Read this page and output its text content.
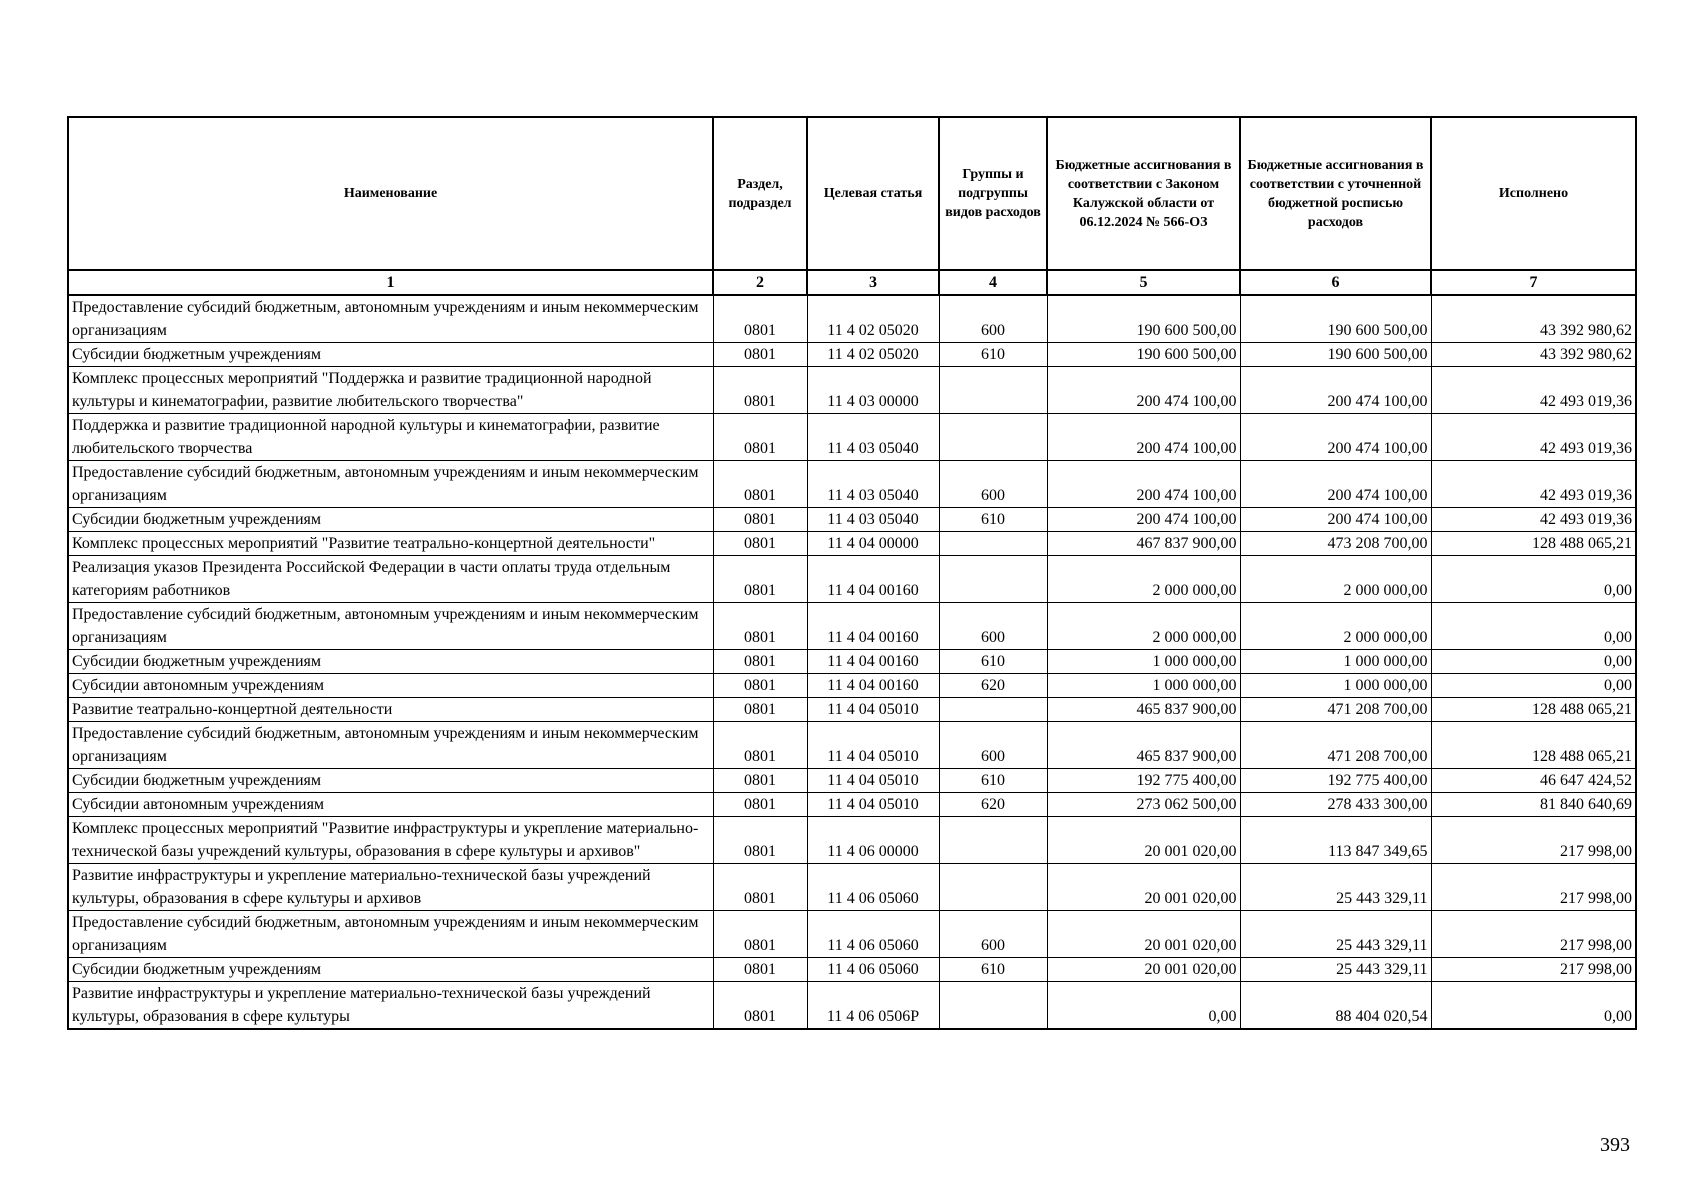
Наименование	Раздел, подраздел	Целевая статья	Группы и подгруппы видов расходов	Бюджетные ассигнования в соответствии с Законом Калужской области от 06.12.2024 № 566-ОЗ	Бюджетные ассигнования в соответствии с уточненной бюджетной росписью расходов	Исполнено
1	2	3	4	5	6	7
Предоставление субсидий бюджетным, автономным учреждениям и иным некоммерческим организациям	0801	11 4 02 05020	600	190 600 500,00	190 600 500,00	43 392 980,62
Субсидии бюджетным учреждениям	0801	11 4 02 05020	610	190 600 500,00	190 600 500,00	43 392 980,62
Комплекс процессных мероприятий "Поддержка и развитие традиционной народной культуры и кинематографии, развитие любительского творчества"	0801	11 4 03 00000		200 474 100,00	200 474 100,00	42 493 019,36
Поддержка и развитие традиционной народной культуры и кинематографии, развитие любительского творчества	0801	11 4 03 05040		200 474 100,00	200 474 100,00	42 493 019,36
Предоставление субсидий бюджетным, автономным учреждениям и иным некоммерческим организациям	0801	11 4 03 05040	600	200 474 100,00	200 474 100,00	42 493 019,36
Субсидии бюджетным учреждениям	0801	11 4 03 05040	610	200 474 100,00	200 474 100,00	42 493 019,36
Комплекс процессных мероприятий "Развитие театрально-концертной деятельности"	0801	11 4 04 00000		467 837 900,00	473 208 700,00	128 488 065,21
Реализация указов Президента Российской Федерации в части оплаты труда отдельным категориям работников	0801	11 4 04 00160		2 000 000,00	2 000 000,00	0,00
Предоставление субсидий бюджетным, автономным учреждениям и иным некоммерческим организациям	0801	11 4 04 00160	600	2 000 000,00	2 000 000,00	0,00
Субсидии бюджетным учреждениям	0801	11 4 04 00160	610	1 000 000,00	1 000 000,00	0,00
Субсидии автономным учреждениям	0801	11 4 04 00160	620	1 000 000,00	1 000 000,00	0,00
Развитие театрально-концертной деятельности	0801	11 4 04 05010		465 837 900,00	471 208 700,00	128 488 065,21
Предоставление субсидий бюджетным, автономным учреждениям и иным некоммерческим организациям	0801	11 4 04 05010	600	465 837 900,00	471 208 700,00	128 488 065,21
Субсидии бюджетным учреждениям	0801	11 4 04 05010	610	192 775 400,00	192 775 400,00	46 647 424,52
Субсидии автономным учреждениям	0801	11 4 04 05010	620	273 062 500,00	278 433 300,00	81 840 640,69
Комплекс процессных мероприятий "Развитие инфраструктуры и укрепление материально-технической базы учреждений культуры, образования в сфере культуры и архивов"	0801	11 4 06 00000		20 001 020,00	113 847 349,65	217 998,00
Развитие инфраструктуры и укрепление материально-технической базы учреждений культуры, образования в сфере культуры и архивов	0801	11 4 06 05060		20 001 020,00	25 443 329,11	217 998,00
Предоставление субсидий бюджетным, автономным учреждениям и иным некоммерческим организациям	0801	11 4 06 05060	600	20 001 020,00	25 443 329,11	217 998,00
Субсидии бюджетным учреждениям	0801	11 4 06 05060	610	20 001 020,00	25 443 329,11	217 998,00
Развитие инфраструктуры и укрепление материально-технической базы учреждений культуры, образования в сфере культуры	0801	11 4 06 0506Р		0,00	88 404 020,54	0,00
393
